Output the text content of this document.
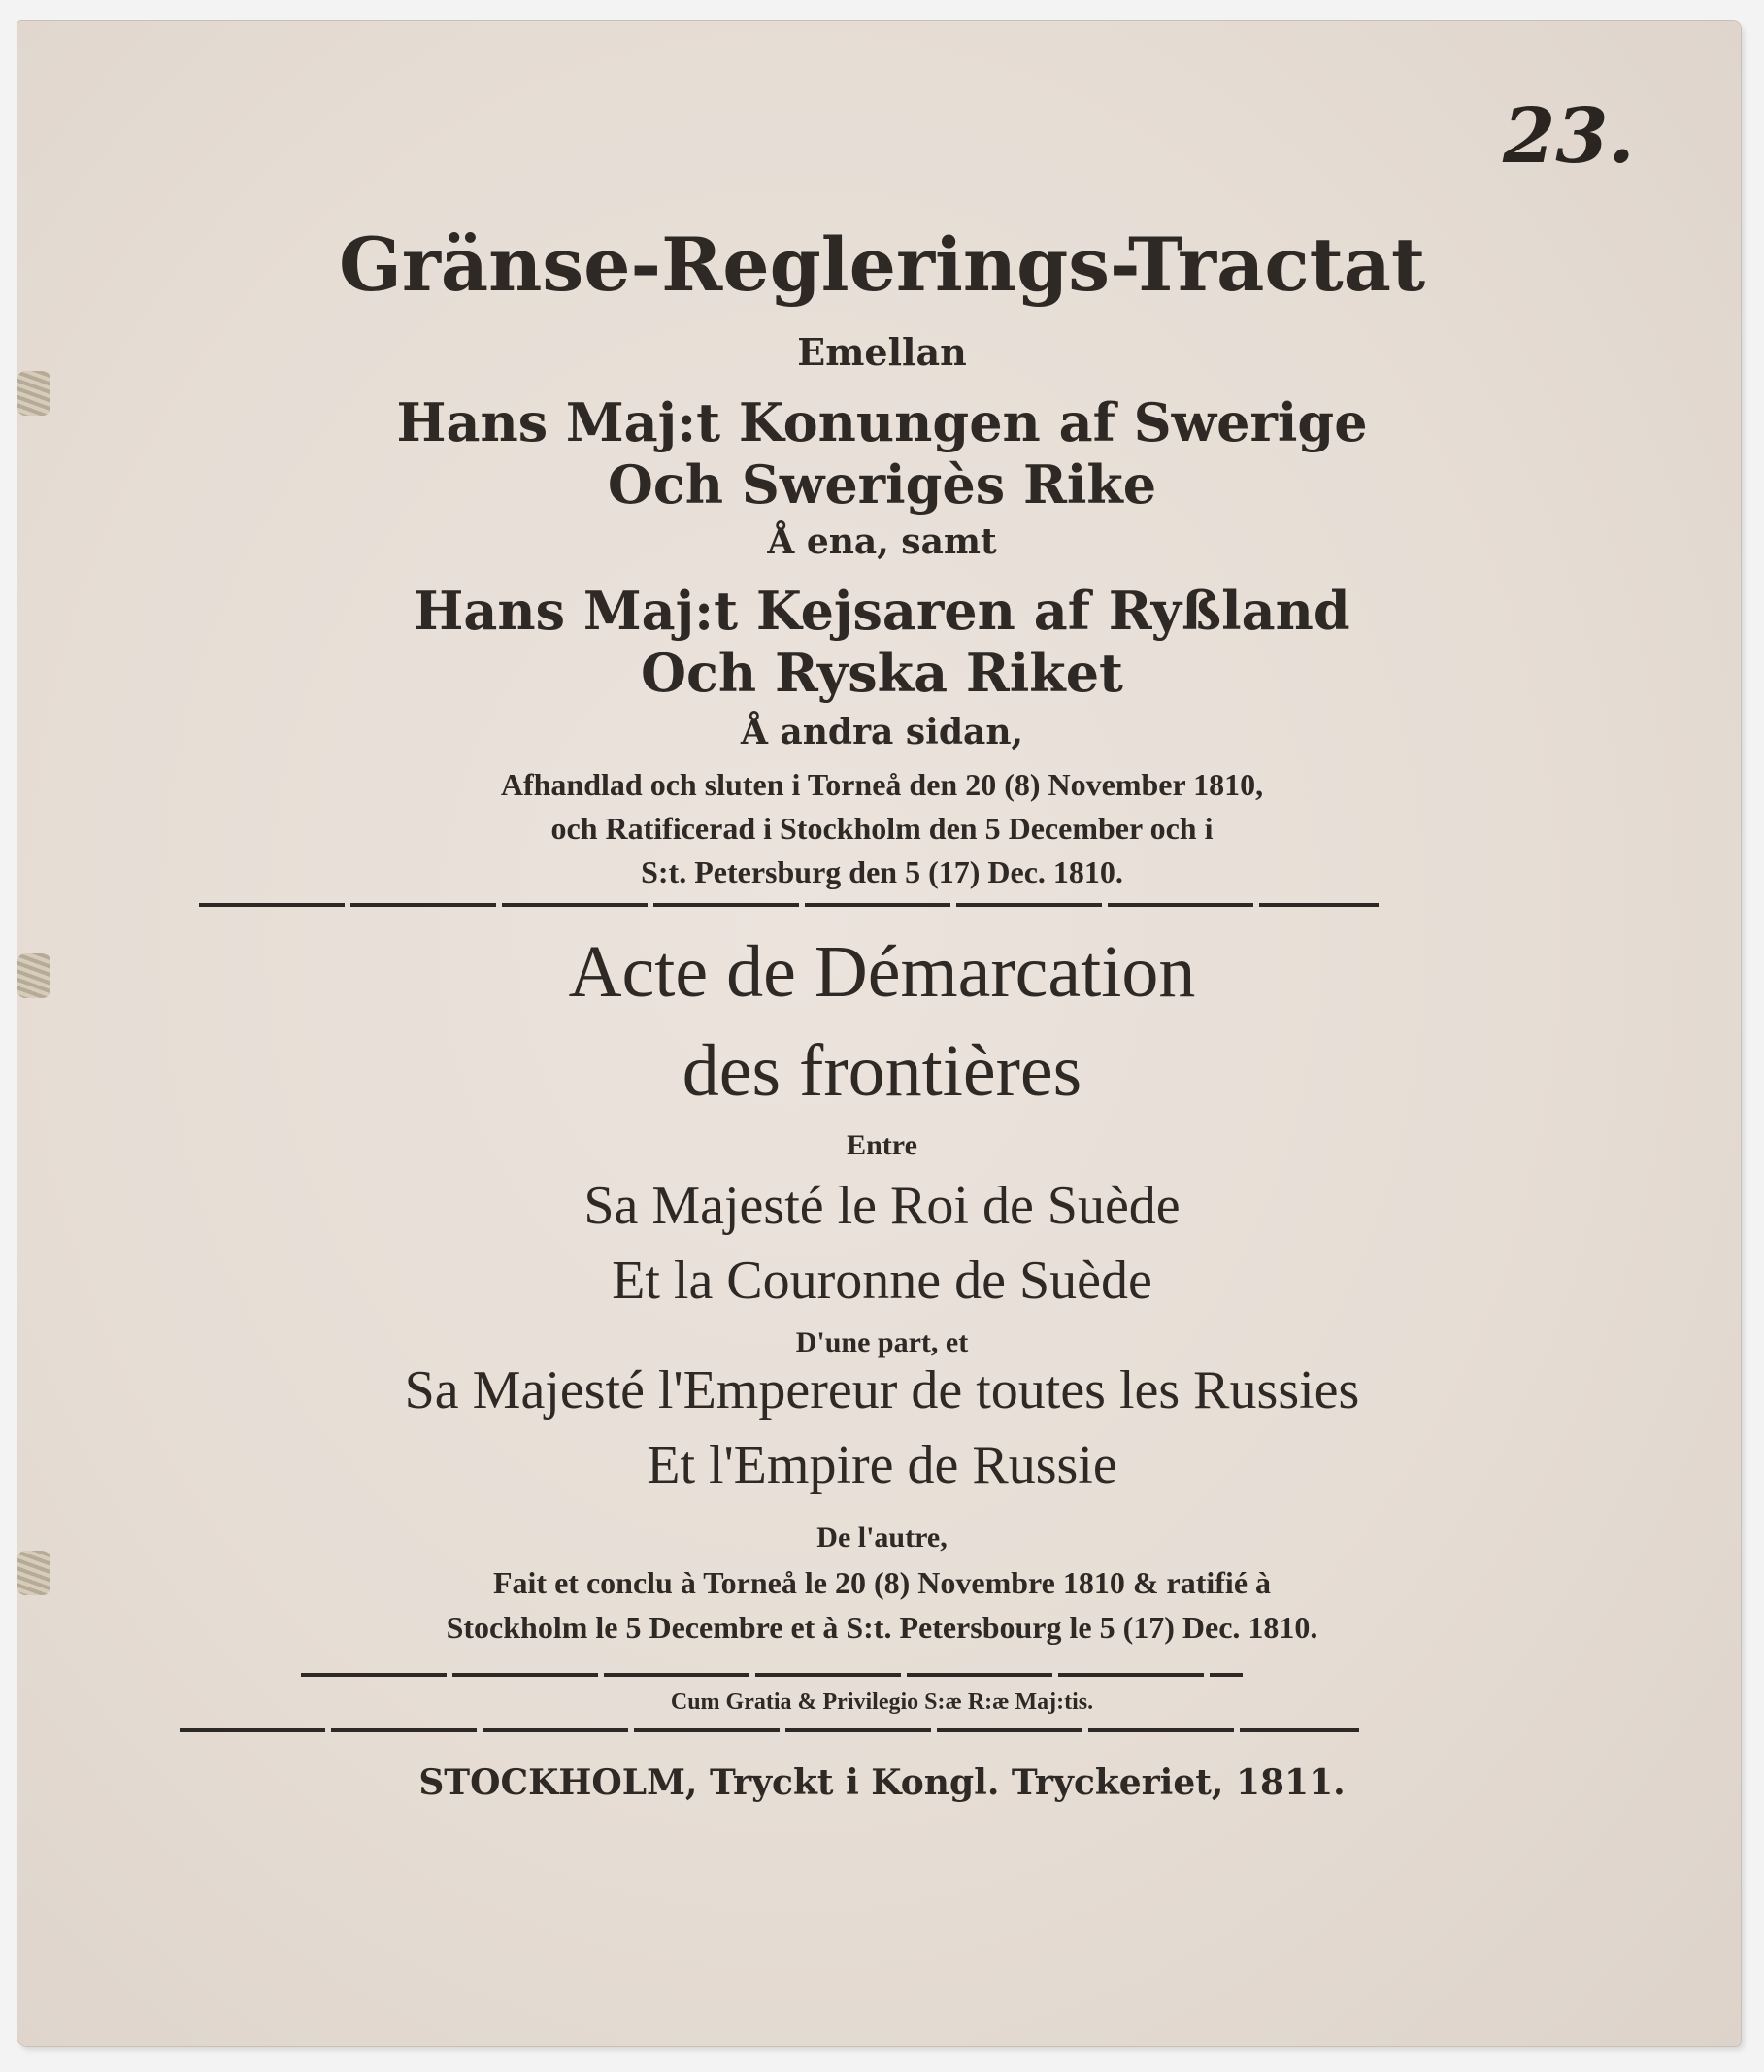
23.
Gränse-Reglerings-Tractat
Emellan
Hans Maj:t Konungen af Swerige
Och Swerigès Rike
Å ena, samt
Hans Maj:t Kejsaren af Ryßland
Och Ryska Riket
Å andra sidan,
Afhandlad och sluten i Torneå den 20 (8) November 1810,
och Ratificerad i Stockholm den 5 December och i
S:t. Petersburg den 5 (17) Dec. 1810.
Acte de Démarcation
des frontières
Entre
Sa Majesté le Roi de Suède
Et la Couronne de Suède
D'une part, et
Sa Majesté l'Empereur de toutes les Russies
Et l'Empire de Russie
De l'autre,
Fait et conclu à Torneå le 20 (8) Novembre 1810 & ratifié à
Stockholm le 5 Decembre et à S:t. Petersbourg le 5 (17) Dec. 1810.
Cum Gratia & Privilegio S:æ R:æ Maj:tis.
STOCKHOLM, Tryckt i Kongl. Tryckeriet, 1811.
